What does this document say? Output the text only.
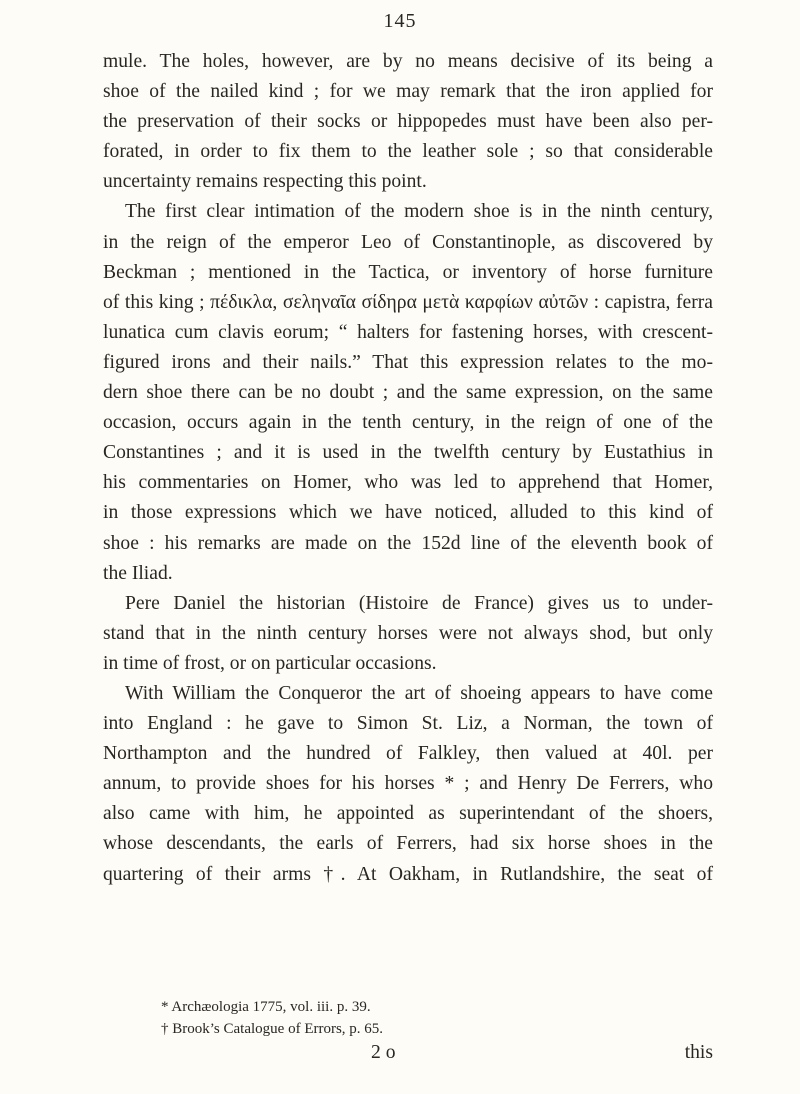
145
mule. The holes, however, are by no means decisive of its being a
shoe of the nailed kind ; for we may remark that the iron applied for
the preservation of their socks or hippopedes must have been also per-
forated, in order to fix them to the leather sole ; so that considerable
uncertainty remains respecting this point.
The first clear intimation of the modern shoe is in the ninth century,
in the reign of the emperor Leo of Constantinople, as discovered by
Beckman ; mentioned in the Tactica, or inventory of horse furniture
of this king ; πέδικλα, σεληναῖα σίδηρα μετὰ καρφίων αὐτῶν : capistra, ferra
lunatica cum clavis eorum; “ halters for fastening horses, with crescent-
figured irons and their nails.” That this expression relates to the mo-
dern shoe there can be no doubt ; and the same expression, on the same
occasion, occurs again in the tenth century, in the reign of one of the
Constantines ; and it is used in the twelfth century by Eustathius in
his commentaries on Homer, who was led to apprehend that Homer,
in those expressions which we have noticed, alluded to this kind of
shoe : his remarks are made on the 152d line of the eleventh book of
the Iliad.
Pere Daniel the historian (Histoire de France) gives us to under-
stand that in the ninth century horses were not always shod, but only
in time of frost, or on particular occasions.
With William the Conqueror the art of shoeing appears to have come
into England : he gave to Simon St. Liz, a Norman, the town of
Northampton and the hundred of Falkley, then valued at 40l. per
annum, to provide shoes for his horses * ; and Henry De Ferrers, who
also came with him, he appointed as superintendant of the shoers,
whose descendants, the earls of Ferrers, had six horse shoes in the
quartering of their arms †. At Oakham, in Rutlandshire, the seat of
* Archæologia 1775, vol. iii. p. 39.
† Brook’s Catalogue of Errors, p. 65.
2 o	this
